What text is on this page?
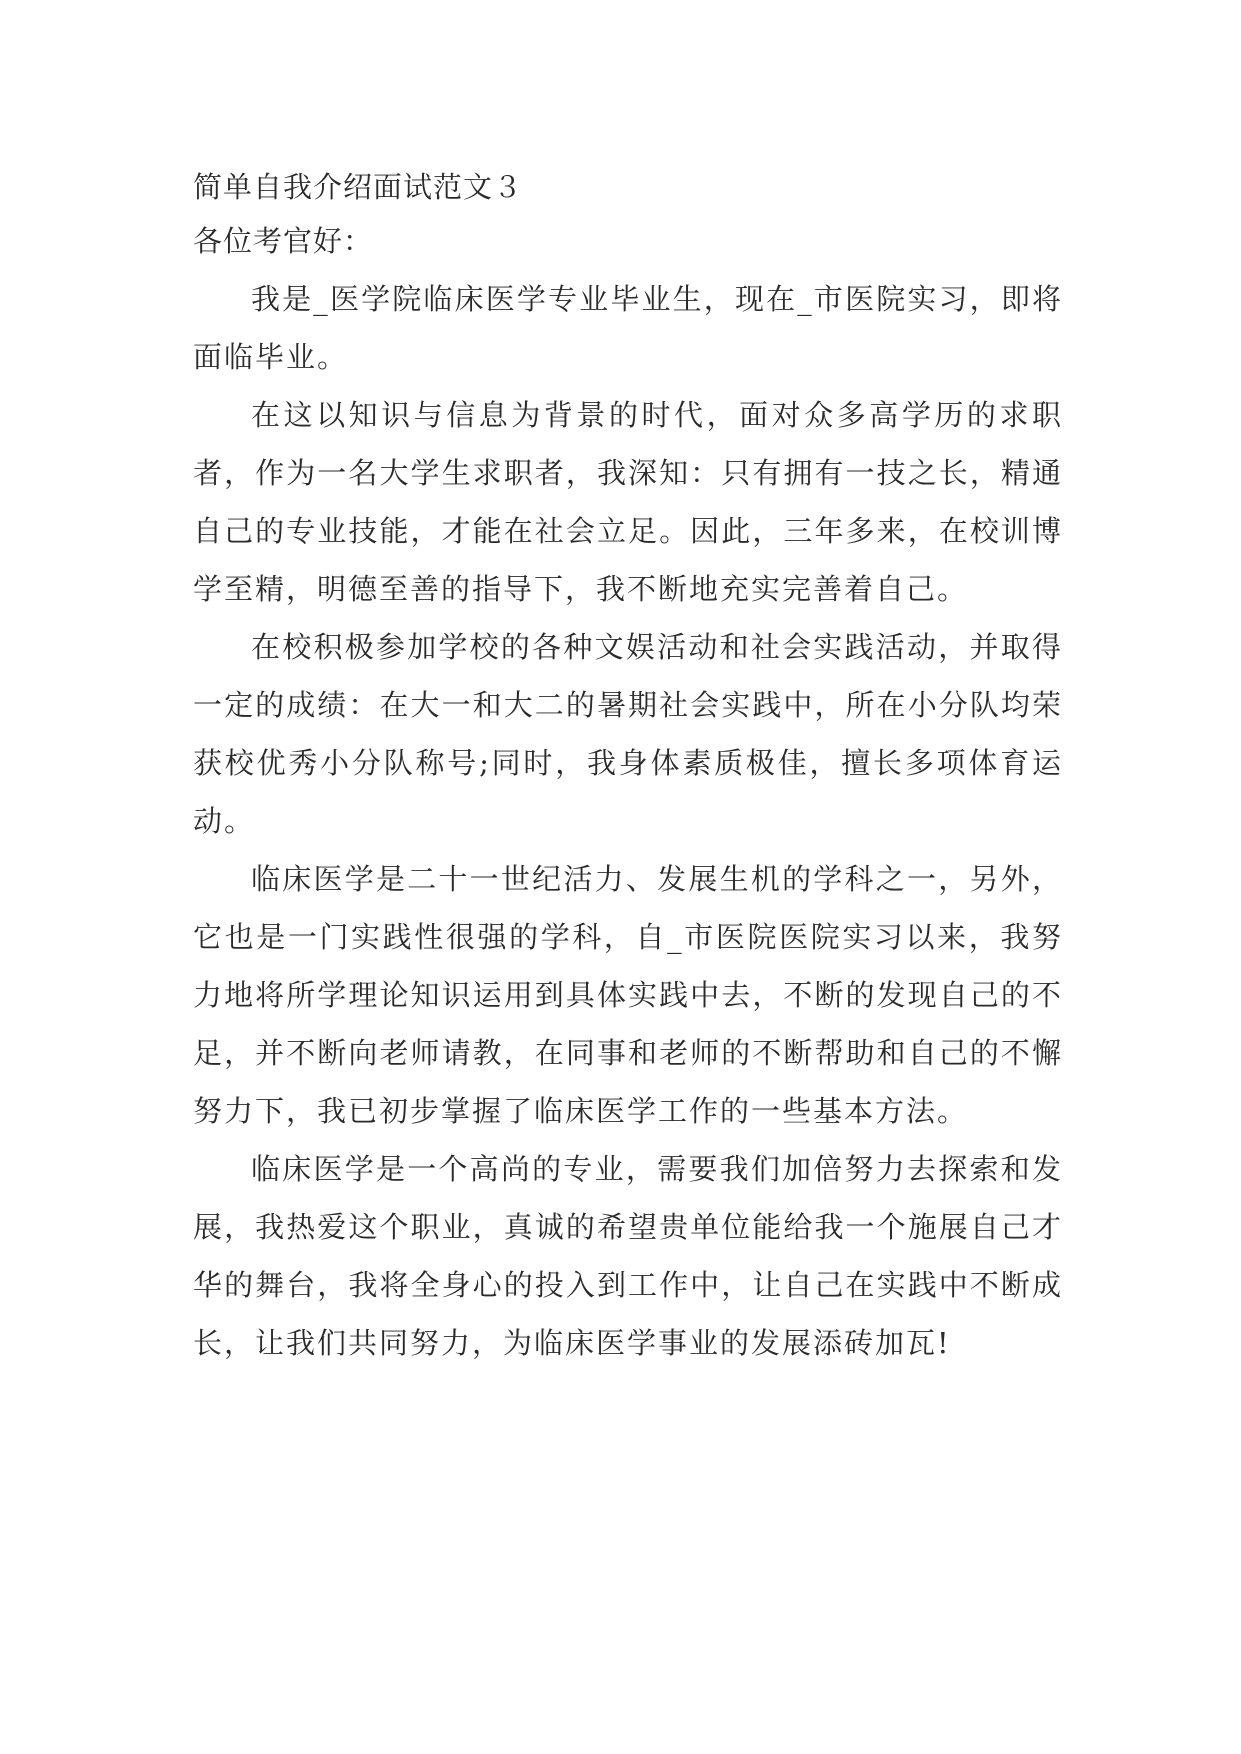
简单自我介绍面试范文３

各位考官好：

我是_医学院临床医学专业毕业生，现在_市医院实习，即将面临毕业。

在这以知识与信息为背景的时代，面对众多高学历的求职者，作为一名大学生求职者，我深知：只有拥有一技之长，精通自己的专业技能，才能在社会立足。因此，三年多来，在校训博学至精，明德至善的指导下，我不断地充实完善着自己。

在校积极参加学校的各种文娱活动和社会实践活动，并取得一定的成绩：在大一和大二的暑期社会实践中，所在小分队均荣获校优秀小分队称号;同时，我身体素质极佳，擅长多项体育运动。

临床医学是二十一世纪活力、发展生机的学科之一，另外，它也是一门实践性很强的学科，自_市医院医院实习以来，我努力地将所学理论知识运用到具体实践中去，不断的发现自己的不足，并不断向老师请教，在同事和老师的不断帮助和自己的不懈努力下，我已初步掌握了临床医学工作的一些基本方法。

临床医学是一个高尚的专业，需要我们加倍努力去探索和发展，我热爱这个职业，真诚的希望贵单位能给我一个施展自己才华的舞台，我将全身心的投入到工作中，让自己在实践中不断成长，让我们共同努力，为临床医学事业的发展添砖加瓦!
